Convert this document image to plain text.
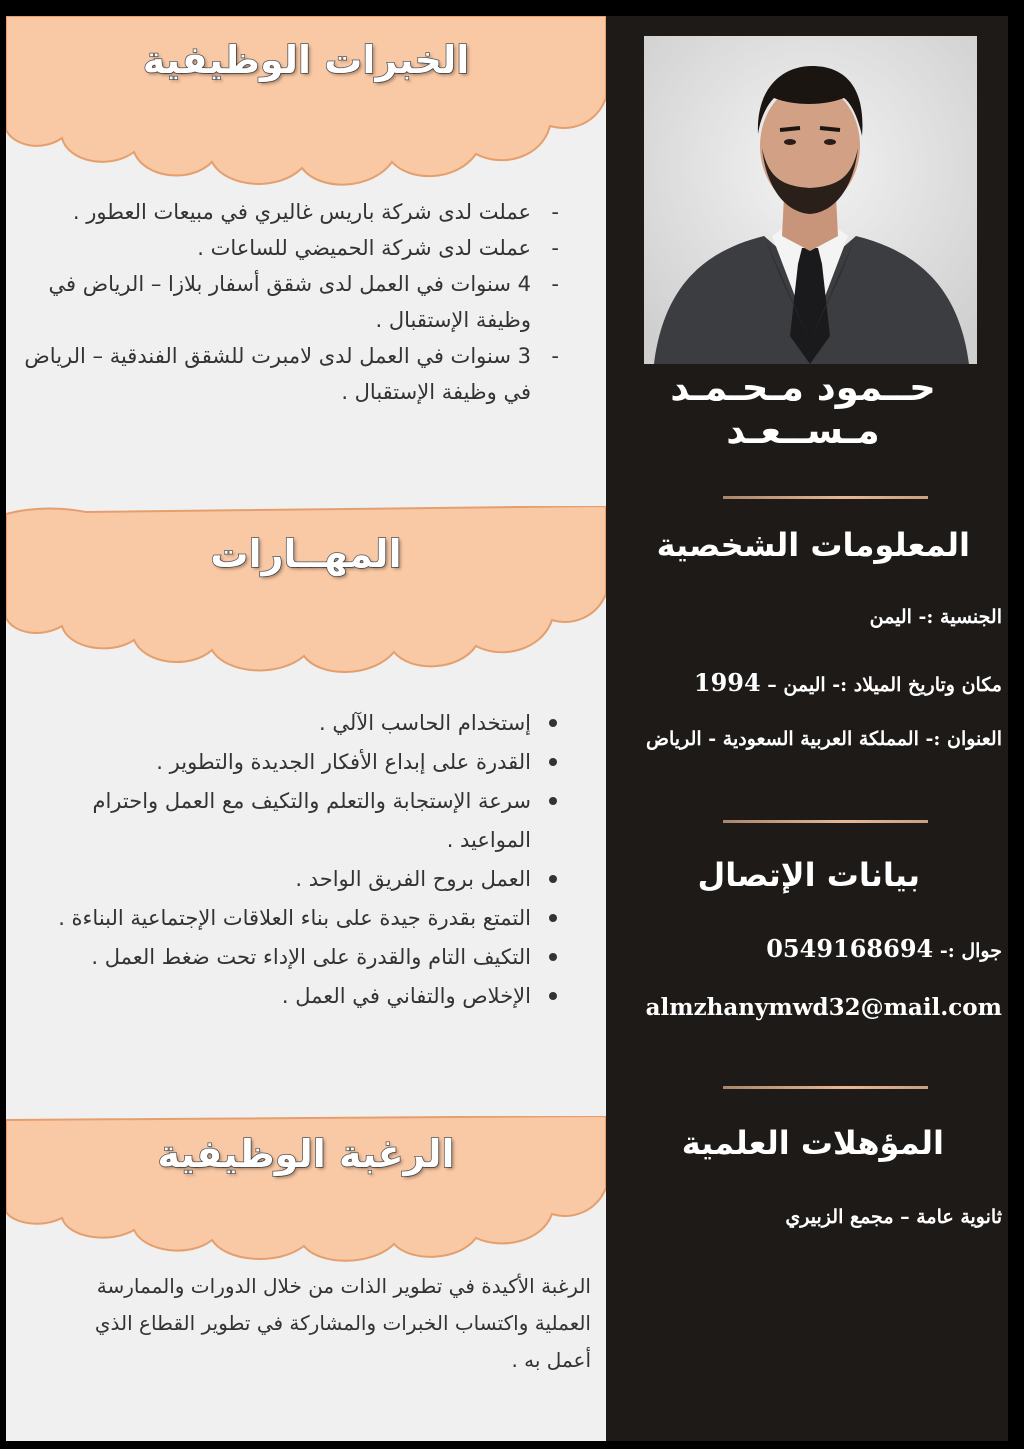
الخبرات الوظيفية
- عملت لدى شركة باريس غاليري في مبيعات العطور .
- عملت لدى شركة الحميضي للساعات .
- 4 سنوات في العمل لدى شقق أسفار بلازا – الرياض في وظيفة الإستقبال .
- 3 سنوات في العمل لدى لامبرت للشقق الفندقية – الرياض في وظيفة الإستقبال .
المهــارات
إستخدام الحاسب الآلي .
القدرة على إبداع الأفكار الجديدة والتطوير .
سرعة الإستجابة والتعلم والتكيف مع العمل واحترام المواعيد .
العمل بروح الفريق الواحد .
التمتع بقدرة جيدة على بناء العلاقات الإجتماعية البناءة .
التكيف التام والقدرة على الإداء تحت ضغط العمل .
الإخلاص والتفاني في العمل .
الرغبة الوظيفية
الرغبة الأكيدة في تطوير الذات من خلال الدورات والممارسة العملية واكتساب الخبرات والمشاركة في تطوير القطاع الذي أعمل به .
حــمود مـحـمـد مـســعـد
المعلومات الشخصية
الجنسية :- اليمن
مكان وتاريخ الميلاد :- اليمن – 1994
العنوان :- المملكة العربية السعودية - الرياض
بيانات الإتصال
جوال :- 0549168694
almzhanymwd32@mail.com
المؤهلات العلمية
ثانوية عامة – مجمع الزبيري
